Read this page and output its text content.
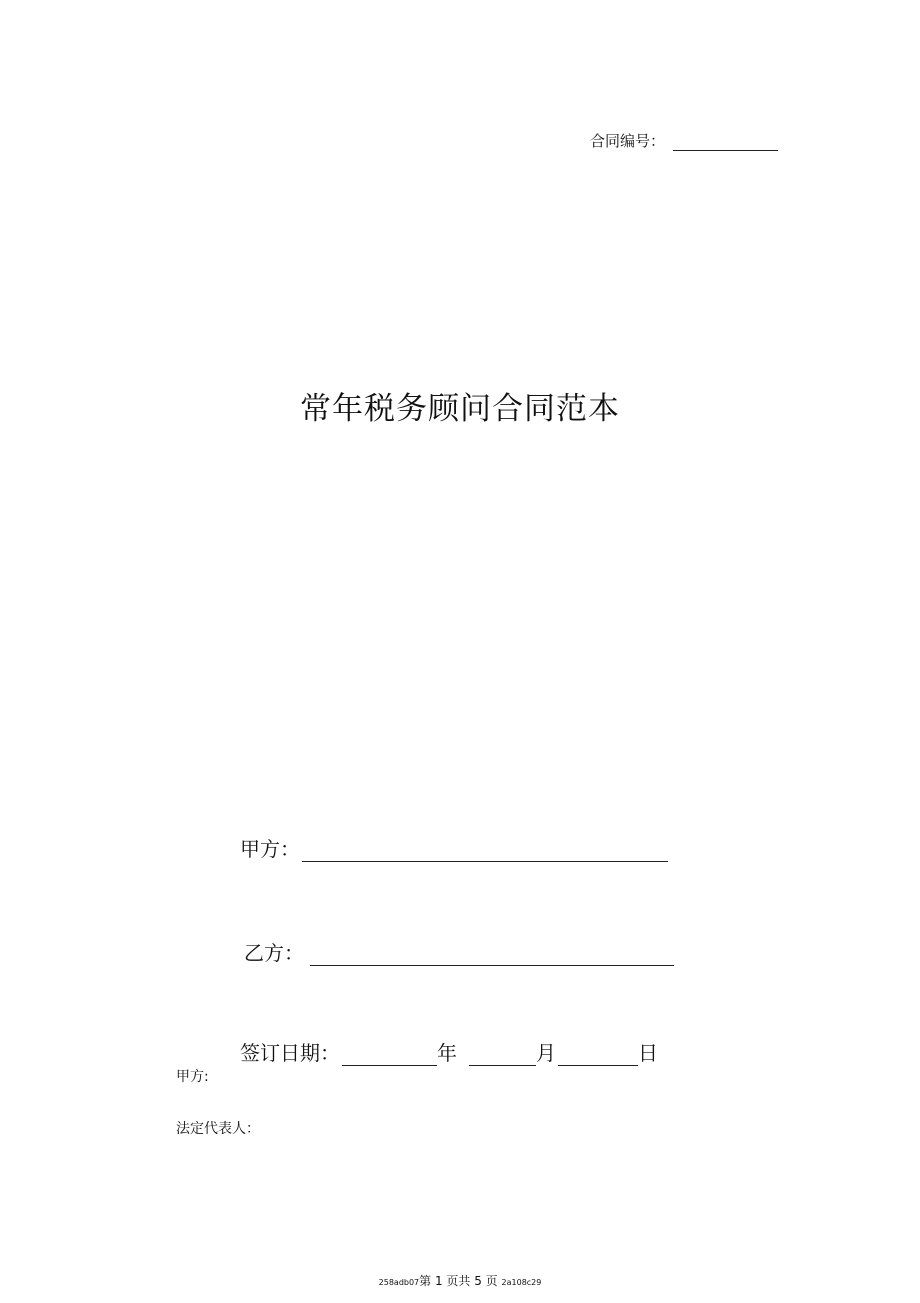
合同编号：
常年税务顾问合同范本
甲方：
乙方：
签订日期：	年	月	日
甲方:
法定代表人：
258adb07第 1 页共 5 页 2a108c29
